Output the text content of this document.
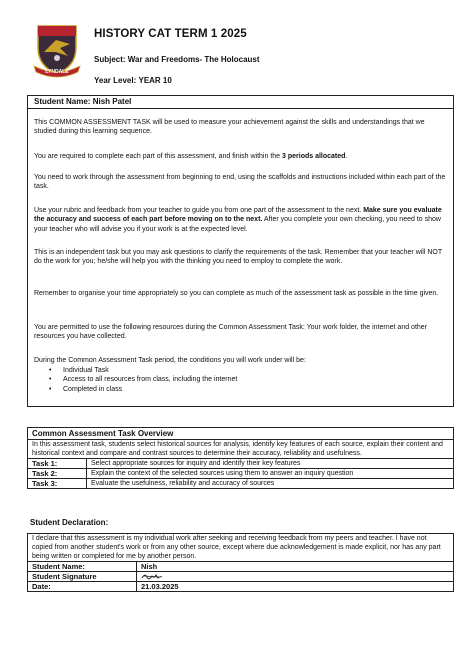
LYNDALE
HISTORY CAT TERM 1 2025
Subject: War and Freedoms- The Holocaust
Year Level: YEAR 10
Student Name: Nish Patel

This COMMON ASSESSMENT TASK will be used to measure your achievement against the skills and understandings that we studied during this learning sequence.

You are required to complete each part of this assessment, and finish within the 3 periods allocated.

You need to work through the assessment from beginning to end, using the scaffolds and instructions included within each part of the task.

Use your rubric and feedback from your teacher to guide you from one part of the assessment to the next. Make sure you evaluate the accuracy and success of each part before moving on to the next. After you complete your own checking, you need to show your teacher who will advise you if your work is at the expected level.

This is an independent task but you may ask questions to clarify the requirements of the task. Remember that your teacher will NOT do the work for you; he/she will help you with the thinking you need to employ to complete the work.

Remember to organise your time appropriately so you can complete as much of the assessment task as possible in the time given.

You are permitted to use the following resources during the Common Assessment Task: Your work folder, the internet and other resources you have collected.

During the Common Assessment Task period, the conditions you will work under will be:

• Individual Task
• Access to all resources from class, including the internet
• Completed in class
Common Assessment Task Overview	
In this assessment task, students select historical sources for analysis, identify key features of each source, explain their content and historical context and compare and contrast sources to determine their accuracy, reliability and usefulness.	
Task 1:	Select appropriate sources for inquiry and identify their key features
Task 2:	Explain the context of the selected sources using them to answer an inquiry question
Task 3:	Evaluate the usefulness, reliability and accuracy of sources
Student Declaration:
I declare that this assessment is my individual work after seeking and receiving feedback from my peers and teacher. I have not copied from another student's work or from any other source, except where due acknowledgement is made explicit, nor has any part being written or completed for me by another person.	
Student Name:	Nish
Student Signature	
Date:	21.03.2025
